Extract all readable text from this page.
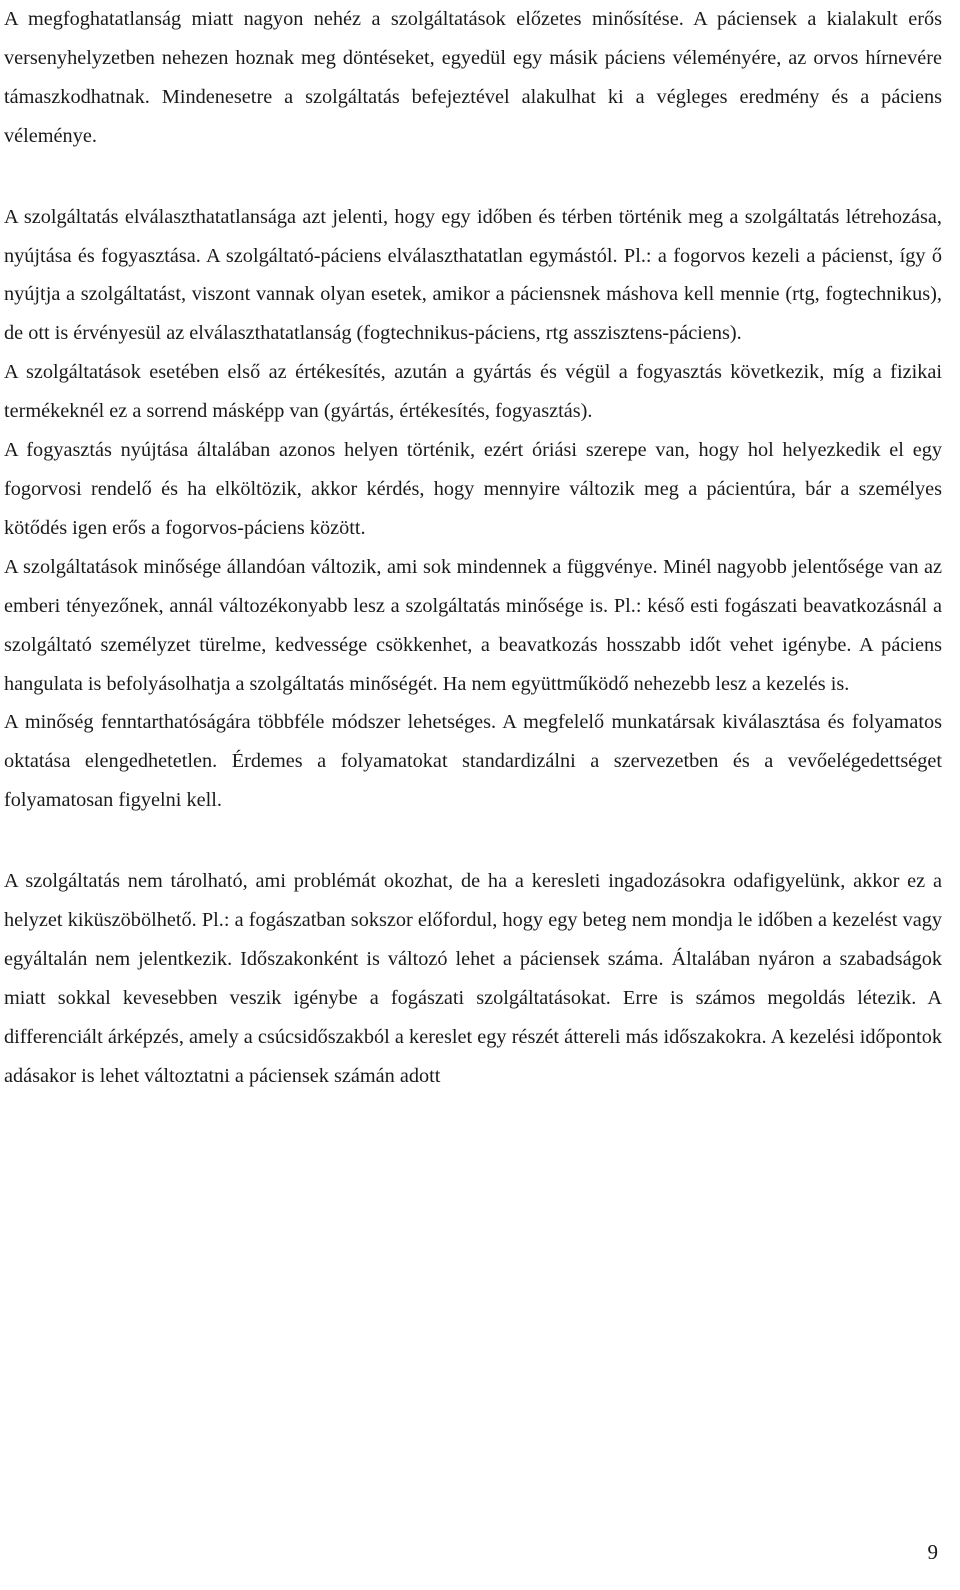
A megfoghatatlanság miatt nagyon nehéz a szolgáltatások előzetes minősítése. A páciensek a kialakult erős versenyhelyzetben nehezen hoznak meg döntéseket, egyedül egy másik páciens véleményére, az orvos hírnevére támaszkodhatnak. Mindenesetre a szolgáltatás befejeztével alakulhat ki a végleges eredmény és a páciens véleménye.

A szolgáltatás elválaszthatatlansága azt jelenti, hogy egy időben és térben történik meg a szolgáltatás létrehozása, nyújtása és fogyasztása. A szolgáltató-páciens elválaszthatatlan egymástól. Pl.: a fogorvos kezeli a pácienst, így ő nyújtja a szolgáltatást, viszont vannak olyan esetek, amikor a páciensnek máshova kell mennie (rtg, fogtechnikus), de ott is érvényesül az elválaszthatatlanság (fogtechnikus-páciens, rtg asszisztens-páciens).

A szolgáltatások esetében első az értékesítés, azután a gyártás és végül a fogyasztás következik, míg a fizikai termékeknél ez a sorrend másképp van (gyártás, értékesítés, fogyasztás).

A fogyasztás nyújtása általában azonos helyen történik, ezért óriási szerepe van, hogy hol helyezkedik el egy fogorvosi rendelő és ha elköltözik, akkor kérdés, hogy mennyire változik meg a pácientúra, bár a személyes kötődés igen erős a fogorvos-páciens között.

A szolgáltatások minősége állandóan változik, ami sok mindennek a függvénye. Minél nagyobb jelentősége van az emberi tényezőnek, annál változékonyabb lesz a szolgáltatás minősége is. Pl.: késő esti fogászati beavatkozásnál a szolgáltató személyzet türelme, kedvessége csökkenhet, a beavatkozás hosszabb időt vehet igénybe. A páciens hangulata is befolyásolhatja a szolgáltatás minőségét. Ha nem együttműködő nehezebb lesz a kezelés is.

A minőség fenntarthatóságára többféle módszer lehetséges. A megfelelő munkatársak kiválasztása és folyamatos oktatása elengedhetetlen. Érdemes a folyamatokat standardizálni a szervezetben és a vevőelégedettséget folyamatosan figyelni kell.

A szolgáltatás nem tárolható, ami problémát okozhat, de ha a keresleti ingadozásokra odafigyelünk, akkor ez a helyzet kiküszöbölhető. Pl.: a fogászatban sokszor előfordul, hogy egy beteg nem mondja le időben a kezelést vagy egyáltalán nem jelentkezik. Időszakonként is változó lehet a páciensek száma. Általában nyáron a szabadságok miatt sokkal kevesebben veszik igénybe a fogászati szolgáltatásokat. Erre is számos megoldás létezik. A differenciált árképzés, amely a csúcsidőszakból a kereslet egy részét áttereli más időszakokra. A kezelési időpontok adásakor is lehet változtatni a páciensek számán adott

9
